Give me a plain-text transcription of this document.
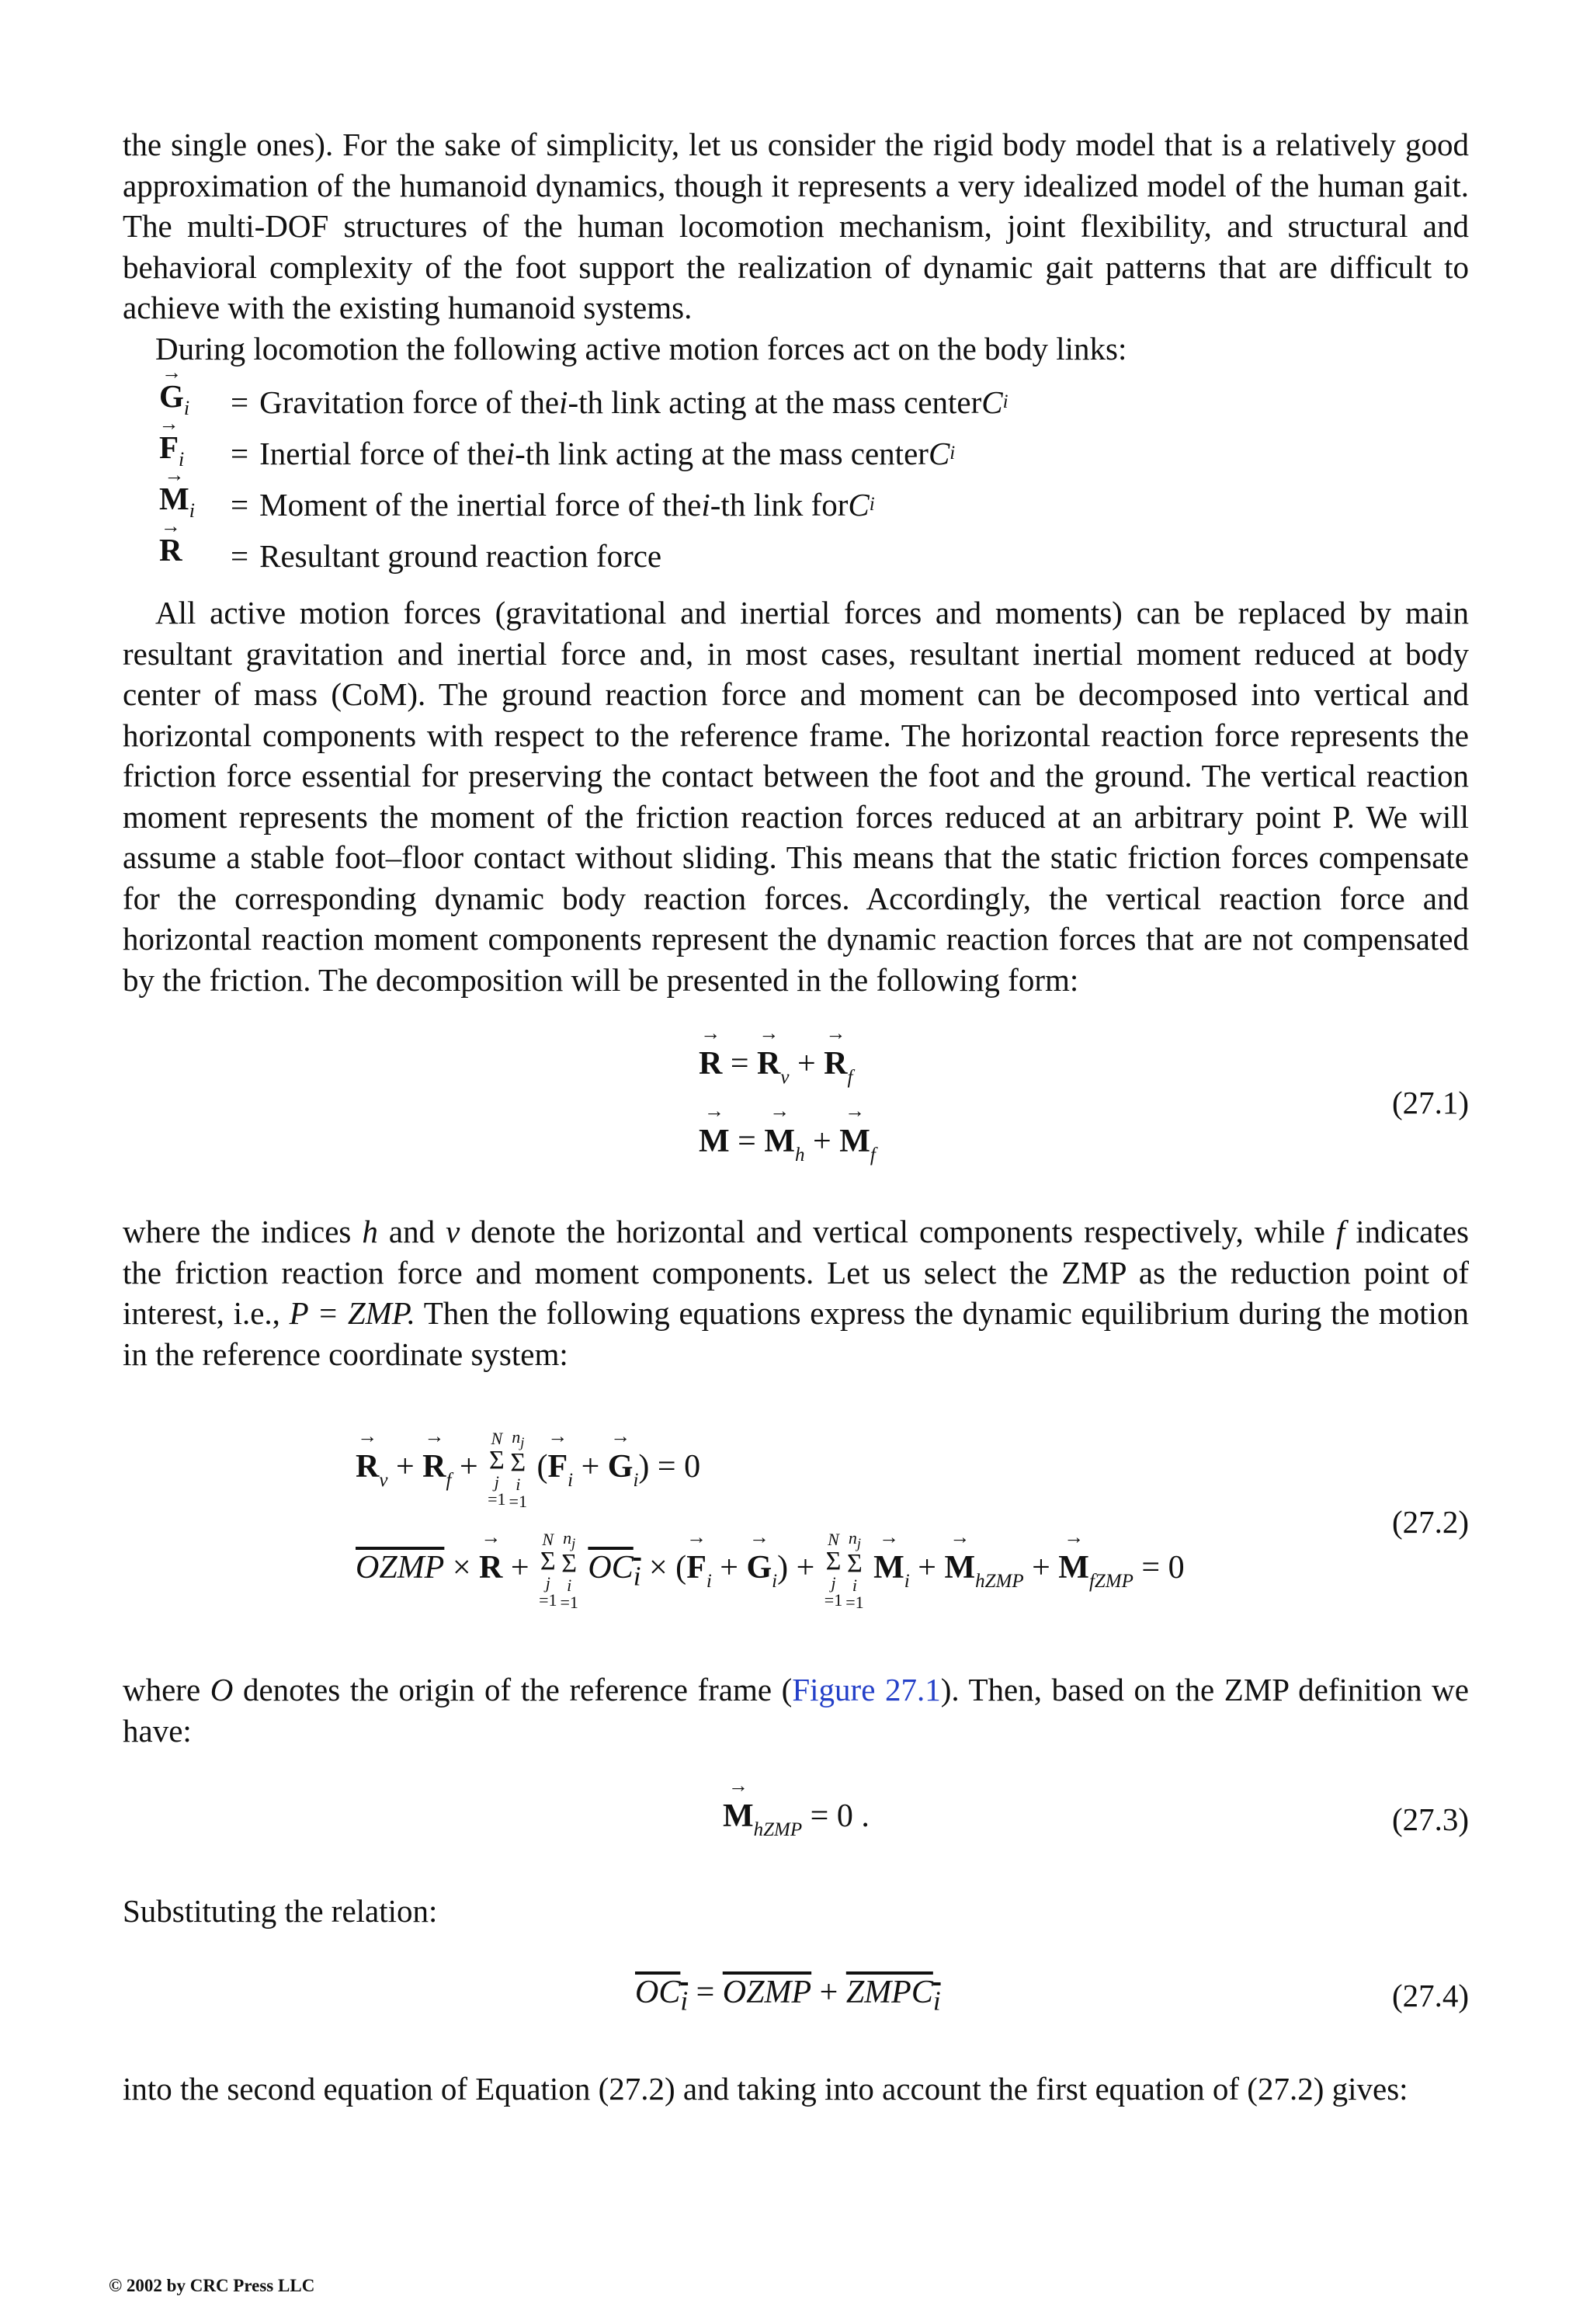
the single ones). For the sake of simplicity, let us consider the rigid body model that is a relatively good approximation of the humanoid dynamics, though it represents a very idealized model of the human gait. The multi-DOF structures of the human locomotion mechanism, joint flexibility, and structural and behavioral complexity of the foot support the realization of dynamic gait patterns that are difficult to achieve with the existing humanoid systems.

During locomotion the following active motion forces act on the body links:

→ $G_i$	= Gravitation force of the i -th link acting at the mass center C i
→ $F_i$	= Inertial force of the i -th link acting at the mass center C i
→ $M_i$	= Moment of the inertial force of the i -th link for C i
→ R	= Resultant ground reaction force

All active motion forces (gravitational and inertial forces and moments) can be replaced by main resultant gravitation and inertial force and, in most cases, resultant inertial moment reduced at body center of mass (CoM). The ground reaction force and moment can be decomposed into vertical and horizontal components with respect to the reference frame. The horizontal reaction force represents the friction force essential for preserving the contact between the foot and the ground. The vertical reaction moment represents the moment of the friction reaction forces reduced at an arbitrary point P. We will assume a stable foot–floor contact without sliding. This means that the static friction forces compensate for the corresponding dynamic body reaction forces. Accordingly, the vertical reaction force and horizontal reaction moment components represent the dynamic reaction forces that are not compensated by the friction. The decomposition will be presented in the following form:

→ R = → $R_v$ + → $R_f$
→ M = → $M_h$ + → $M_f$
(27.1)

where the indices h and v denote the horizontal and vertical components respectively, while f indicates the friction reaction force and moment components. Let us select the ZMP as the reduction point of interest, i.e., P = ZMP. Then the following equations express the dynamic equilibrium during the motion in the reference coordinate system:

→ $R_v$ + → $R_f$ +
N
Σ
j
=1
$n_j$
Σ
i
=1 (→ $F_i$ + → $G_i) = 0$
OZMP × → R +
N
Σ
j
=1
$n_j$
Σ
i
=1 $OC_i$ × (→ $F_i$ + → $G_i$) +
N
Σ
j
=1
$n_j$
Σ
i
$=1 \to M_i$ + → $M_{hZMP}$ + → $M_{fZMP} = 0$
(27.2)

where O denotes the origin of the reference frame (Figure 27.1). Then, based on the ZMP definition we have:

→ $M_{hZMP} = 0$ .	(27.3)

Substituting the relation:

$OC_i$ = OZMP + $ZMPC_i$	(27.4)

into the second equation of Equation (27.2) and taking into account the first equation of (27.2) gives:

© 2002 by CRC Press LLC
